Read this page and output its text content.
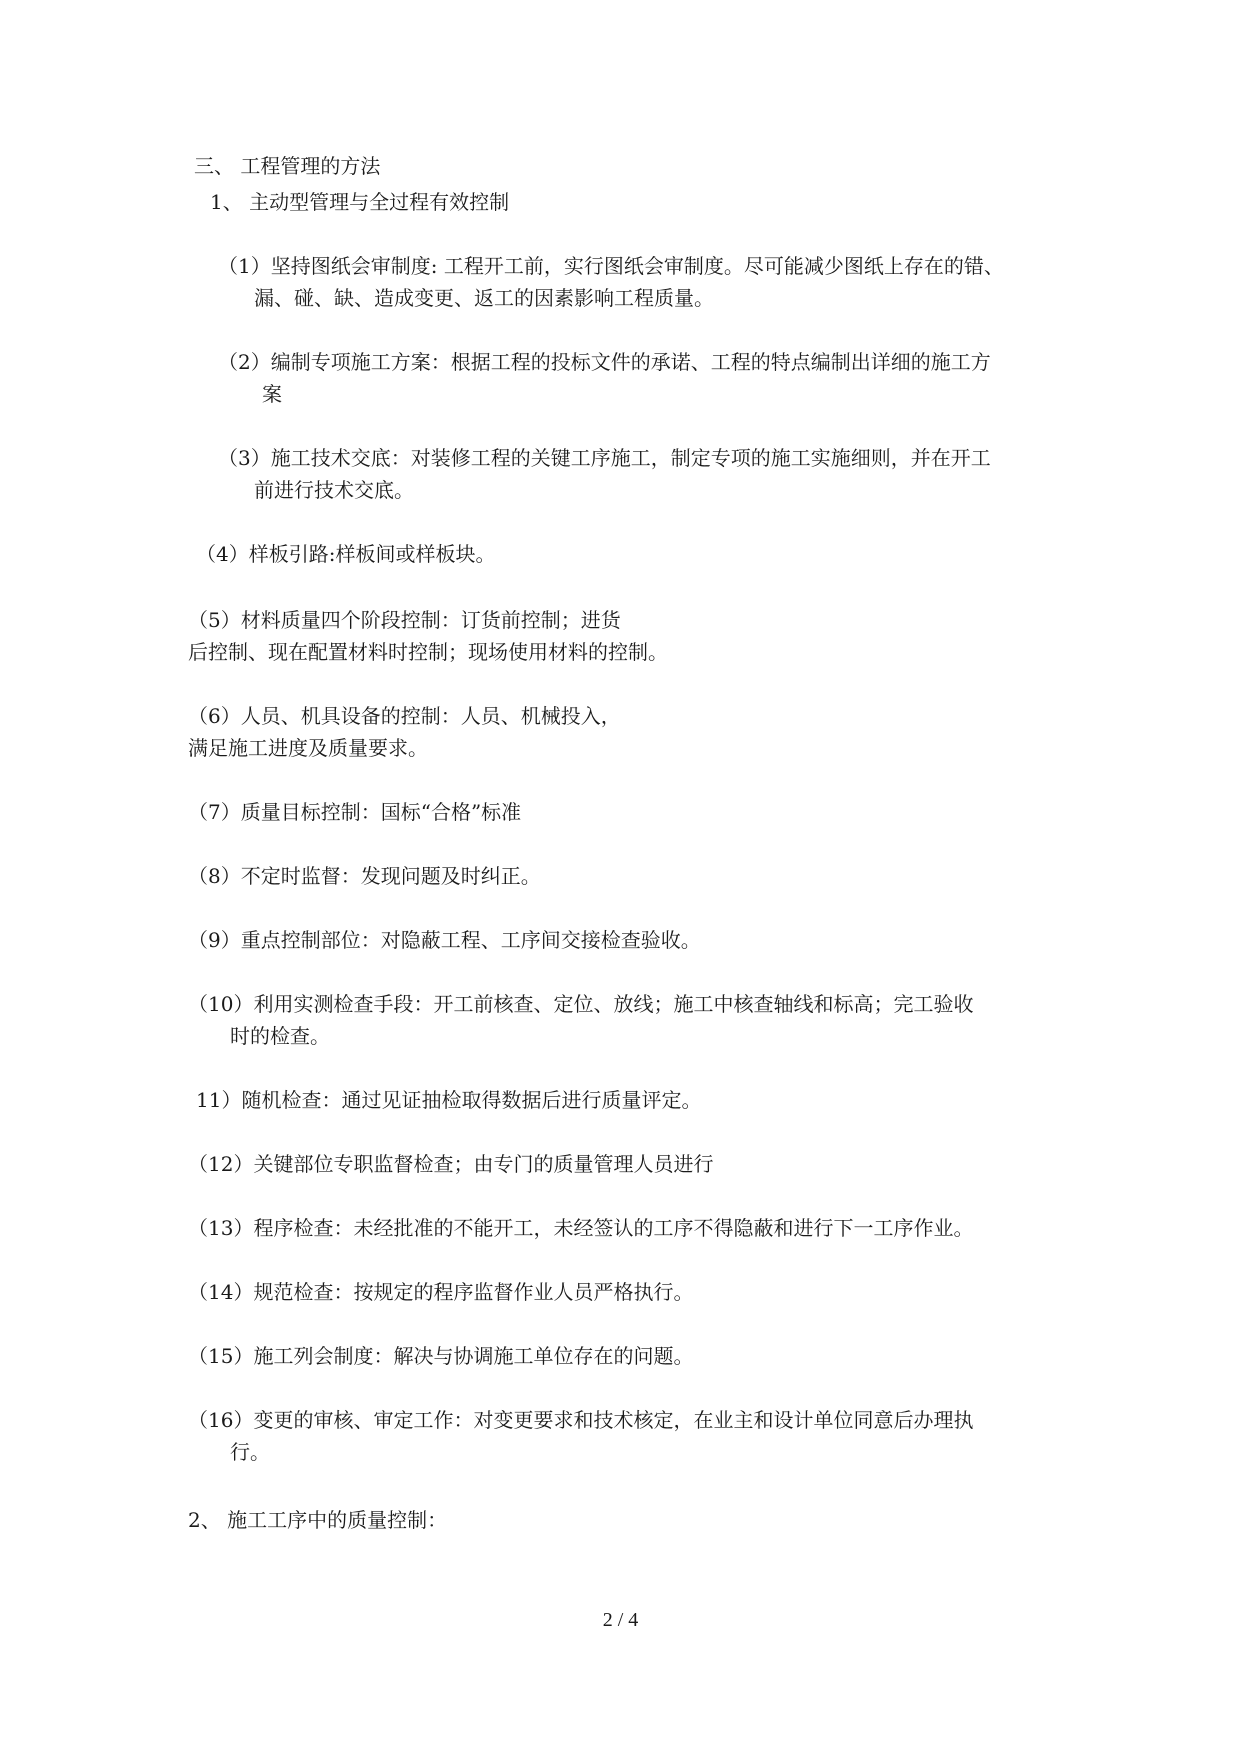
三、 工程管理的方法
1、 主动型管理与全过程有效控制
（1）坚持图纸会审制度: 工程开工前，实行图纸会审制度。尽可能减少图纸上存在的错、
漏、碰、缺、造成变更、返工的因素影响工程质量。
（2）编制专项施工方案：根据工程的投标文件的承诺、工程的特点编制出详细的施工方
案
（3）施工技术交底：对装修工程的关键工序施工，制定专项的施工实施细则，并在开工
前进行技术交底。
（4）样板引路:样板间或样板块。
（5）材料质量四个阶段控制：订货前控制；进货
后控制、现在配置材料时控制；现场使用材料的控制。
（6）人员、机具设备的控制：人员、机械投入，
满足施工进度及质量要求。
（7）质量目标控制：国标“合格”标准
（8）不定时监督：发现问题及时纠正。
（9）重点控制部位：对隐蔽工程、工序间交接检查验收。
（10）利用实测检查手段：开工前核查、定位、放线；施工中核查轴线和标高；完工验收
时的检查。
11）随机检查：通过见证抽检取得数据后进行质量评定。
（12）关键部位专职监督检查；由专门的质量管理人员进行
（13）程序检查：未经批准的不能开工，未经签认的工序不得隐蔽和进行下一工序作业。
（14）规范检查：按规定的程序监督作业人员严格执行。
（15）施工列会制度：解决与协调施工单位存在的问题。
（16）变更的审核、审定工作：对变更要求和技术核定，在业主和设计单位同意后办理执
行。
2、 施工工序中的质量控制：
2 / 4
